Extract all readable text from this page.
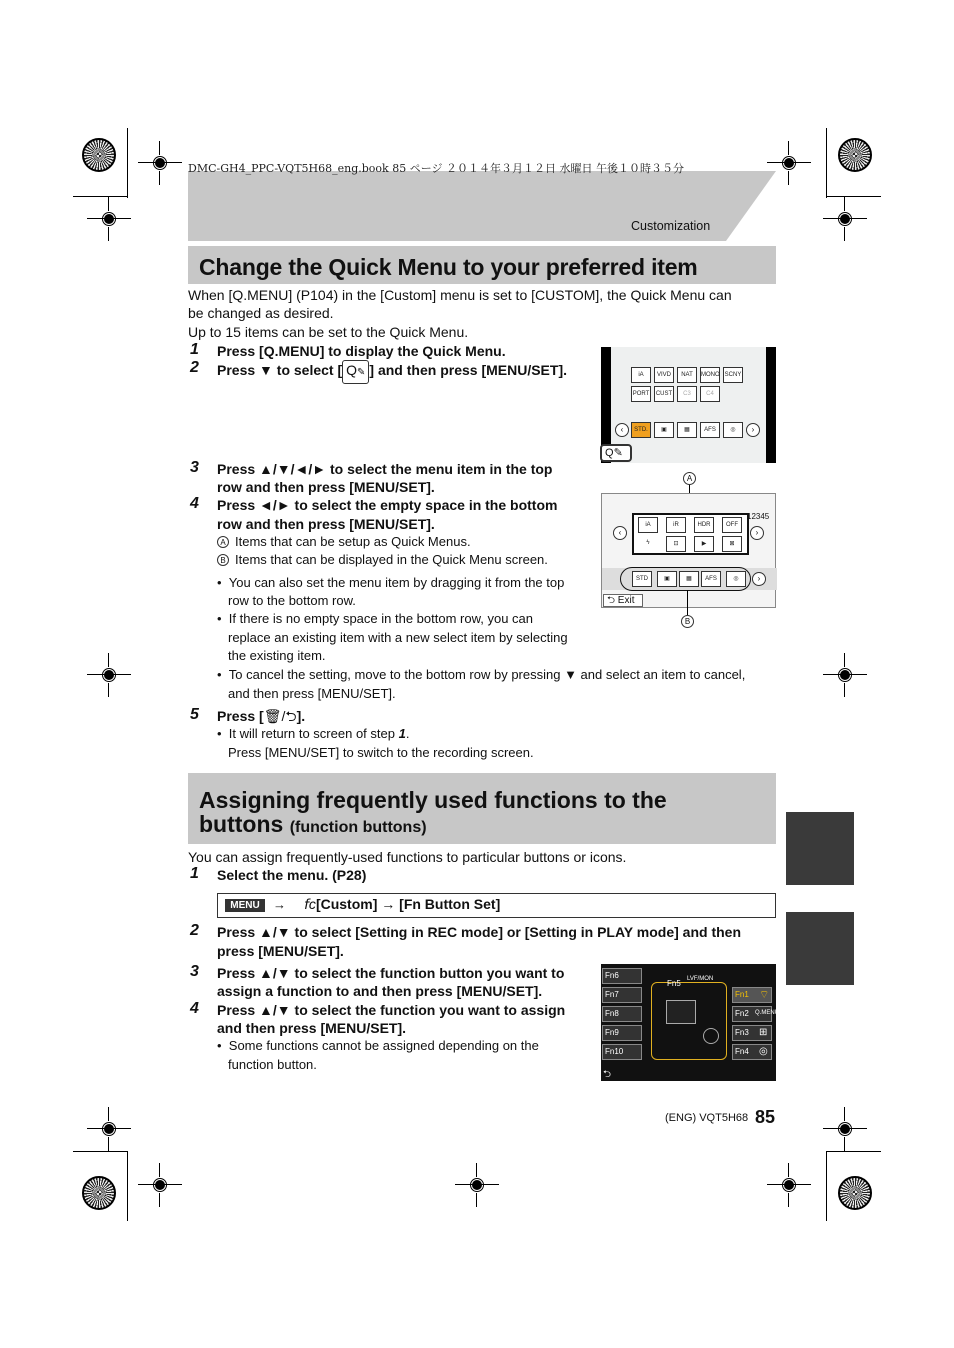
DMC-GH4_PPC-VQT5H68_eng.book 85 ページ ２０１４年３月１２日 水曜日 午後１０時３５分
Customization
Change the Quick Menu to your preferred item
When [Q.MENU] (P104) in the [Custom] menu is set to [CUSTOM], the Quick Menu can
be changed as desired.
Up to 15 items can be set to the Quick Menu.
1 Press [Q.MENU] to display the Quick Menu.
2 Press ▼ to select [ Q✎ ] and then press [MENU/SET].	iA	VIVD	NAT	MONO SCNY
PORT	CUST	C3	C4
‹	STD.	▣	▦	AFS	◎	›
Q✎
3 Press ▲/▼/◄/► to select the menu item in the top
row and then press [MENU/SET].
4 Press ◄/► to select the empty space in the bottom
row and then press [MENU/SET].
A Items that can be setup as Quick Menus.
B Items that can be displayed in the Quick Menu screen.
A
iA	iR	HDR	OFF
ϟ	⊡	▶	⊠
‹	›
12345
STD	▣	▦	AFS	◎	›
⮌ Exit
B
•  You can also set the menu item by dragging it from the top
row to the bottom row.
•  If there is no empty space in the bottom row, you can
replace an existing item with a new select item by selecting
the existing item.
•  To cancel the setting, move to the bottom row by pressing ▼ and select an item to cancel,
and then press [MENU/SET].
5 Press [🗑/⮌].
•  It will return to screen of step 1.
Press [MENU/SET] to switch to the recording screen.
Assigning frequently used functions to the
buttons (function buttons)
You can assign frequently-used functions to particular buttons or icons.
1 Select the menu. (P28)
MENU	→ 𝘧c[Custom] → [Fn Button Set]
2 Press ▲/▼ to select [Setting in REC mode] or [Setting in PLAY mode] and then
press [MENU/SET].
3 Press ▲/▼ to select the function button you want to
assign a function to and then press [MENU/SET].
4 Press ▲/▼ to select the function you want to assign
and then press [MENU/SET].
•  Some functions cannot be assigned depending on the
function button.
Fn6
Fn7
Fn8
Fn9
Fn10
⮌
Fn5 LVF/MON
Fn1 ⌔
Fn2 Q.MENU
Fn3 ⊞
Fn4 ◎
(ENG) VQT5H68 85
